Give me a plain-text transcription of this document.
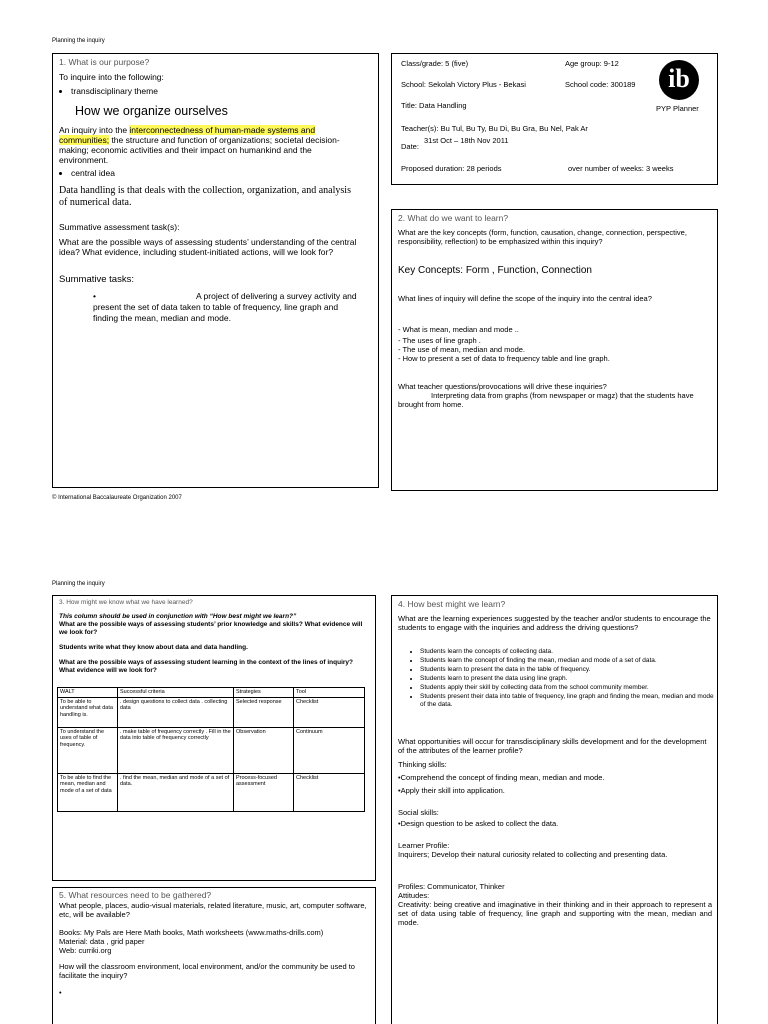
Planning the inquiry
1. What is our purpose?
To inquire into the following:
• transdisciplinary theme
How we organize ourselves
An inquiry into the interconnectedness of human-made systems and communities; the structure and function of organizations; societal decision-making; economic activities and their impact on humankind and the environment.
• central idea
Data handling is that deals with the collection, organization, and analysis of numerical data.
Summative assessment task(s):
What are the possible ways of assessing students’ understanding of the central idea? What evidence, including student-initiated actions, will we look for?
Summative tasks:
•	A project of delivering a survey activity and present the set of data taken to table of frequency, line graph and finding the mean, median and mode.
Class/grade: 5 (five)	Age group: 9-12
School: Sekolah Victory Plus - Bekasi	School code: 300189	ib
PYP Planner
Title: Data Handling
Teacher(s): Bu Tul, Bu Ty, Bu Di, Bu Gra, Bu Nel, Pak Ar
Date:
31st Oct – 18th Nov 2011
Proposed duration: 28 periods	over number of weeks: 3 weeks
2. What do we want to learn?
What are the key concepts (form, function, causation, change, connection, perspective, responsibility, reflection) to be emphasized within this inquiry?
Key Concepts: Form , Function, Connection
What lines of inquiry will define the scope of the inquiry into the central idea?
- What is mean, median and mode ..
- The uses of line graph .
- The use of mean, median and mode.
- How to present a set of data to frequency table and line graph.
What teacher questions/provocations will drive these inquiries?
Interpreting data from graphs (from newspaper or magz) that the students have brought from home.
© International Baccalaureate Organization 2007
Planning the inquiry
3. How might we know what we have learned?
This column should be used in conjunction with “How best might we learn?”
What are the possible ways of assessing students’ prior knowledge and skills? What evidence will we look for?
Students write what they know about data and data handling.
What are the possible ways of assessing student learning in the context of the lines of inquiry? What evidence will we look for?
WALT	Successful criteria	Strategies	Tool
To be able to understand what data handling is.	. design questions to collect data . collecting data	Selected response	Checklist
To understand the uses of table of frequency.	. make table of frequency correctly . Fill in the data into table of frequency correctly	Observation	Continuum
To be able to find the mean, median and mode of a set of data	. find the mean, median and mode of a set of data.	Process-focused assessment	Checklist
5. What resources need to be gathered?
What people, places, audio-visual materials, related literature, music, art, computer software, etc, will be available?
Books: My Pals are Here Math books, Math worksheets (www.maths-drills.com)
Material: data , grid paper
Web: curriki.org
How will the classroom environment, local environment, and/or the community be used to facilitate the inquiry?
•
4. How best might we learn?
What are the learning experiences suggested by the teacher and/or students to encourage the students to engage with the inquiries and address the driving questions?
• Students learn the concepts of collecting data.
• Students learn the concept of finding the mean, median and mode of a set of data.
• Students learn to present the data in the table of frequency.
• Students learn to present the data using line graph.
• Students apply their skill by collecting data from the school community member.
• Students present their data into table of frequency, line graph and finding the mean, median and mode of the data.
What opportunities will occur for transdisciplinary skills development and for the development of the attributes of the learner profile?
Thinking skills:
•Comprehend the concept of finding mean, median and mode.
•Apply their skill into application.
Social skills:
•Design question to be asked to collect the data.
Learner Profile:
Inquirers; Develop their natural curiosity related to collecting and presenting data.
Profiles: Communicator, Thinker
Attitudes:
Creativity: being creative and imaginative in their thinking and in their approach to represent a set of data using table of frequency, line graph and supporting witn the mean, median and mode.
